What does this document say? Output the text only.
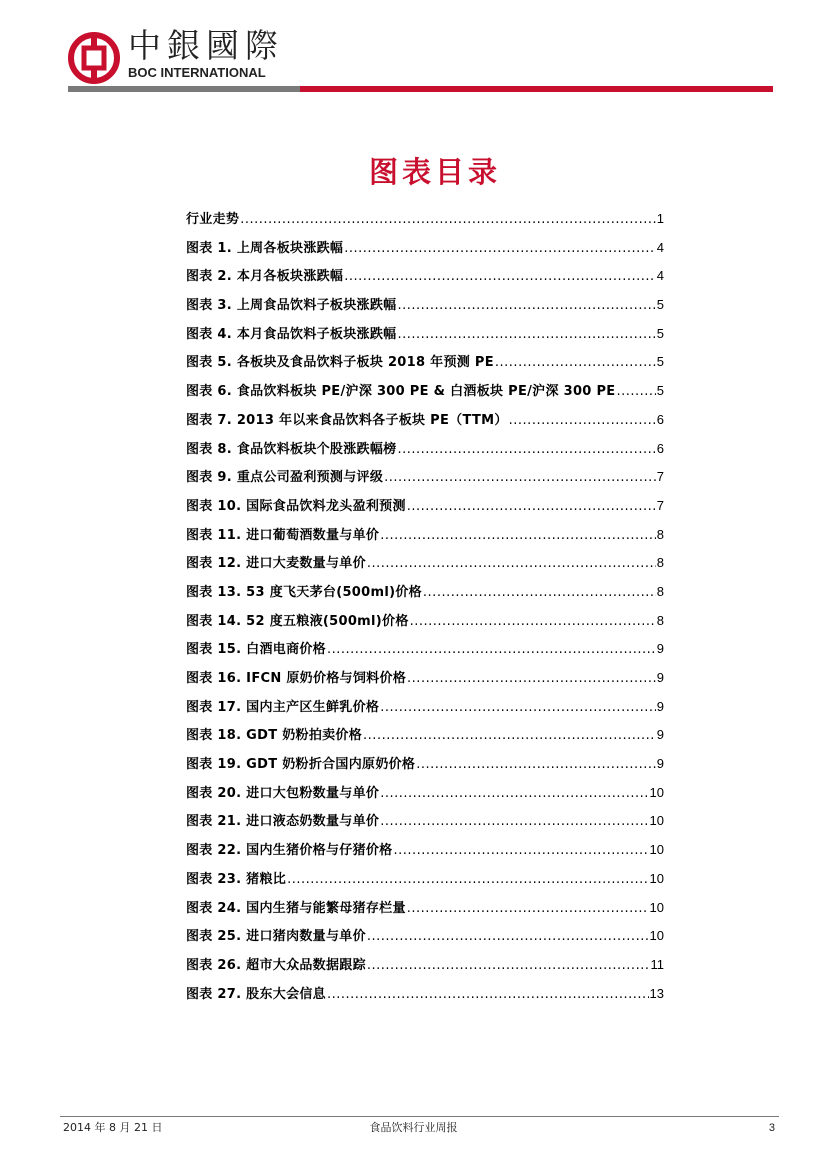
中銀國際
BOC INTERNATIONAL
图表目录
行业走势 .....	1
图表 1. 上周各板块涨跌幅 .....	4
图表 2. 本月各板块涨跌幅 .....	4
图表 3. 上周食品饮料子板块涨跌幅 .....	5
图表 4. 本月食品饮料子板块涨跌幅 .....	5
图表 5. 各板块及食品饮料子板块 2018 年预测 PE .....	5
图表 6. 食品饮料板块 PE/沪深 300 PE & 白酒板块 PE/沪深 300 PE .....	5
图表 7. 2013 年以来食品饮料各子板块 PE（TTM） .....	6
图表 8. 食品饮料板块个股涨跌幅榜 .....	6
图表 9. 重点公司盈利预测与评级 .....	7
图表 10. 国际食品饮料龙头盈利预测 .....	7
图表 11. 进口葡萄酒数量与单价 .....	8
图表 12. 进口大麦数量与单价 .....	8
图表 13. 53 度飞天茅台(500ml)价格 .....	8
图表 14. 52 度五粮液(500ml)价格 .....	8
图表 15. 白酒电商价格 .....	9
图表 16. IFCN 原奶价格与饲料价格 .....	9
图表 17. 国内主产区生鲜乳价格 .....	9
图表 18. GDT 奶粉拍卖价格 .....	9
图表 19. GDT 奶粉折合国内原奶价格 .....	9
图表 20. 进口大包粉数量与单价 .....	10
图表 21. 进口液态奶数量与单价 .....	10
图表 22. 国内生猪价格与仔猪价格 .....	10
图表 23. 猪粮比 .....	10
图表 24. 国内生猪与能繁母猪存栏量 .....	10
图表 25. 进口猪肉数量与单价 .....	10
图表 26. 超市大众品数据跟踪 .....	11
图表 27. 股东大会信息 .....	13
2014 年 8 月 21 日	食品饮料行业周报	3
